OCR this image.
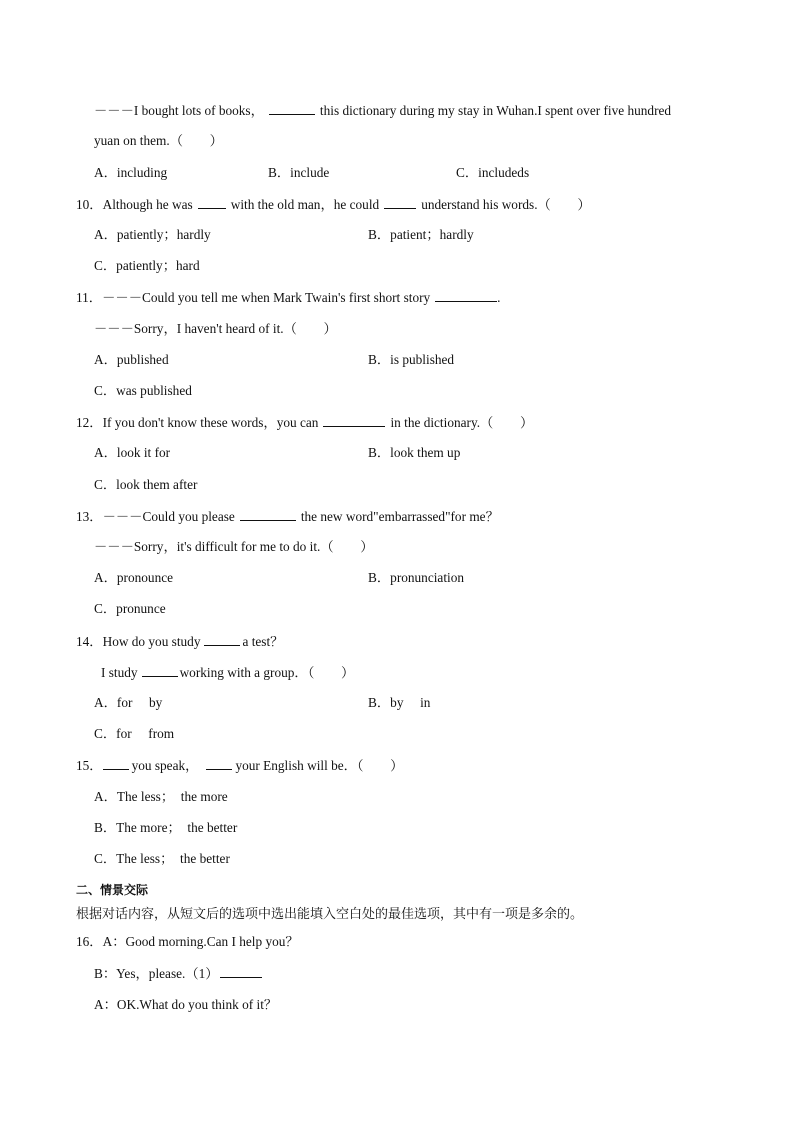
－－－I bought lots of books，	this dictionary during my stay in Wuhan.I spent over five hundred
yuan on them.（　　）
A．including	B．include	C．includeds
10．Although he was	with the old man，he could	understand his words.（　　）
A．patiently；hardly	B．patient；hardly
C．patiently；hard
11．－－－Could you tell me when Mark Twain's first short story	.
－－－Sorry，I haven't heard of it.（　　）
A．published	B．is published
C．was published
12．If you don't know these words，you can	in the dictionary.（　　）
A．look it for	B．look them up
C．look them after
13．－－－Could you please	the new word"embarrassed"for me？
－－－Sorry，it's difficult for me to do it.（　　）
A．pronounce	B．pronunciation
C．pronunce
14．How do you study	a test？
I study	working with a group．（　　）
A．for　 by	B．by　 in
C．for　 from
15． you speak，	your English will be．（　　）
A．The less；　the more
B．The more；　the better
C．The less；　the better
二、情景交际
根据对话内容，从短文后的选项中选出能填入空白处的最佳选项，其中有一项是多余的。
16．A：Good morning.Can I help you？
B：Yes，please.（1）
A：OK.What do you think of it？
